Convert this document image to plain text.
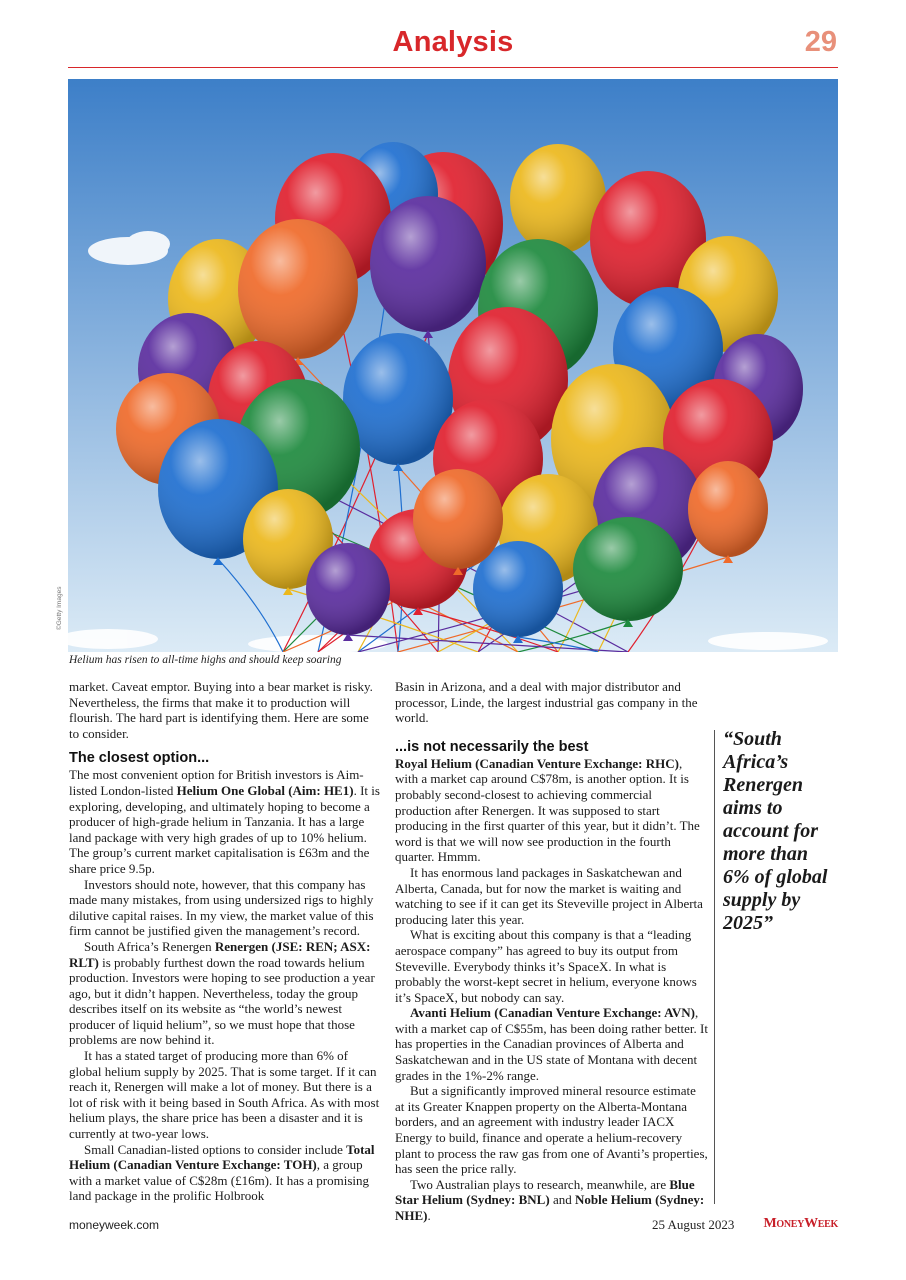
Analysis	29
©Getty Images
Helium has risen to all-time highs and should keep soaring

market. Caveat emptor. Buying into a bear market is risky. Nevertheless, the firms that make it to production will flourish. The hard part is identifying them. Here are some to consider.

The closest option...

The most convenient option for British investors is Aim-listed London-listed Helium One Global (Aim: HE1). It is exploring, developing, and ultimately hoping to become a producer of high-grade helium in Tanzania. It has a large land package with very high grades of up to 10% helium. The group’s current market capitalisation is £63m and the share price 9.5p.

Investors should note, however, that this company has made many mistakes, from using undersized rigs to highly dilutive capital raises. In my view, the market value of this firm cannot be justified given the management’s record.

South Africa’s Renergen Renergen (JSE: REN; ASX: RLT) is probably furthest down the road towards helium production. Investors were hoping to see production a year ago, but it didn’t happen. Nevertheless, today the group describes itself on its website as “the world’s newest producer of liquid helium”, so we must hope that those problems are now behind it.

It has a stated target of producing more than 6% of global helium supply by 2025. That is some target. If it can reach it, Renergen will make a lot of money. But there is a lot of risk with it being based in South Africa. As with most helium plays, the share price has been a disaster and it is currently at two-year lows.

Small Canadian-listed options to consider include Total Helium (Canadian Venture Exchange: TOH), a group with a market value of C$28m (£16m). It has a promising land package in the prolific Holbrook

Basin in Arizona, and a deal with major distributor and processor, Linde, the largest industrial gas company in the world.

...is not necessarily the best

Royal Helium (Canadian Venture Exchange: RHC), with a market cap around C$78m, is another option. It is probably second-closest to achieving commercial production after Renergen. It was supposed to start producing in the first quarter of this year, but it didn’t. The word is that we will now see production in the fourth quarter. Hmmm.

It has enormous land packages in Saskatchewan and Alberta, Canada, but for now the market is waiting and watching to see if it can get its Steveville project in Alberta producing later this year.

What is exciting about this company is that a “leading aerospace company” has agreed to buy its output from Steveville. Everybody thinks it’s SpaceX. In what is probably the worst-kept secret in helium, everyone knows it’s SpaceX, but nobody can say.

Avanti Helium (Canadian Venture Exchange: AVN), with a market cap of C$55m, has been doing rather better. It has properties in the Canadian provinces of Alberta and Saskatchewan and in the US state of Montana with decent grades in the 1%-2% range.

But a significantly improved mineral resource estimate at its Greater Knappen property on the Alberta-Montana borders, and an agreement with industry leader IACX Energy to build, finance and operate a helium-recovery plant to process the raw gas from one of Avanti’s properties, has seen the price rally.

Two Australian plays to research, meanwhile, are Blue Star Helium (Sydney: BNL) and Noble Helium (Sydney: NHE).

“South Africa’s Renergen aims to account for more than 6% of global supply by 2025”
moneyweek.com	25 August 2023 MoneyWeek
